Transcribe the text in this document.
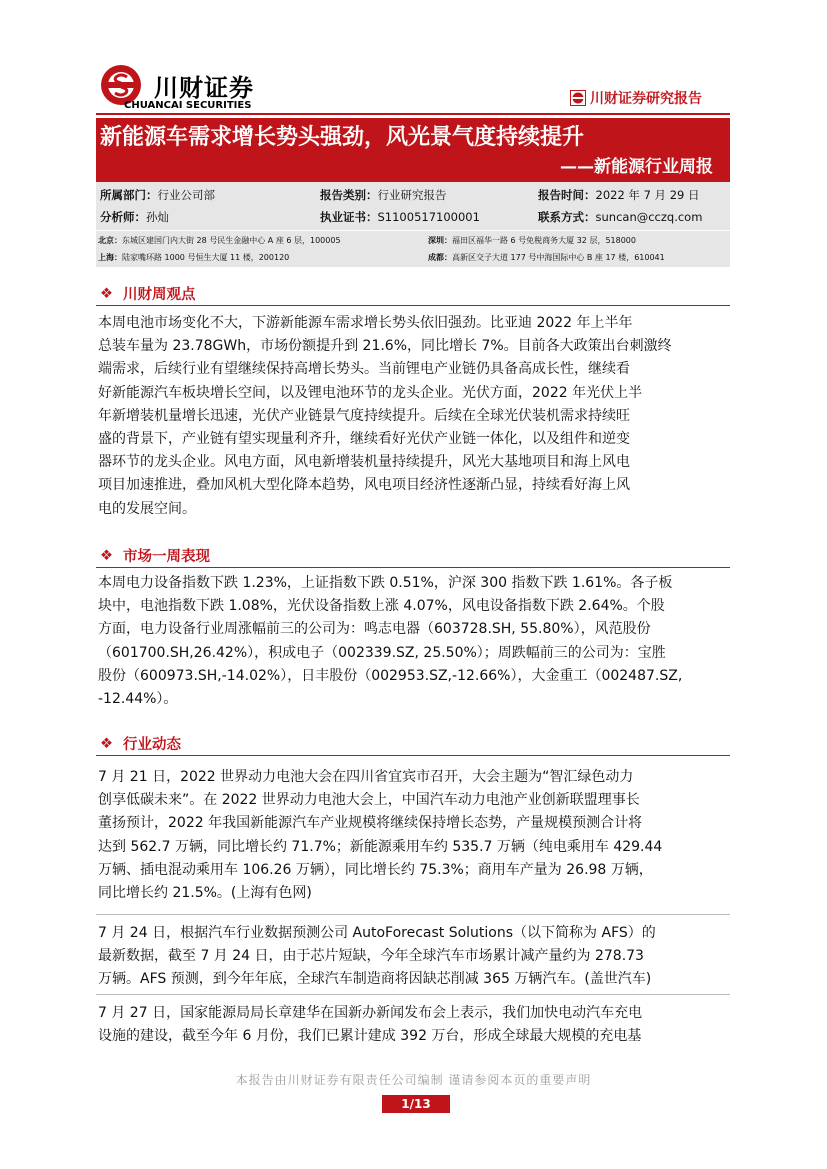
川财证券
CHUANCAI SECURITIES	川财证券研究报告
新能源车需求增长势头强劲，风光景气度持续提升
——新能源行业周报
所属部门：行业公司部	报告类别：行业研究报告	报告时间：2022 年 7 月 29 日
分析师：孙灿	执业证书：S1100517100001	联系方式：suncan@cczq.com
北京：东城区建国门内大街 28 号民生金融中心 A 座 6 层，100005	深圳：福田区福华一路 6 号免税商务大厦 32 层，518000
上海：陆家嘴环路 1000 号恒生大厦 11 楼，200120	成都：高新区交子大道 177 号中海国际中心 B 座 17 楼，610041
❖ 川财周观点
本周电池市场变化不大，下游新能源车需求增长势头依旧强劲。比亚迪 2022 年上半年
总装车量为 23.78GWh，市场份额提升到 21.6%，同比增长 7%。目前各大政策出台刺激终
端需求，后续行业有望继续保持高增长势头。当前锂电产业链仍具备高成长性，继续看
好新能源汽车板块增长空间，以及锂电池环节的龙头企业。光伏方面，2022 年光伏上半
年新增装机量增长迅速，光伏产业链景气度持续提升。后续在全球光伏装机需求持续旺
盛的背景下，产业链有望实现量利齐升，继续看好光伏产业链一体化，以及组件和逆变
器环节的龙头企业。风电方面，风电新增装机量持续提升，风光大基地项目和海上风电
项目加速推进，叠加风机大型化降本趋势，风电项目经济性逐渐凸显，持续看好海上风
电的发展空间。
❖ 市场一周表现
本周电力设备指数下跌 1.23%，上证指数下跌 0.51%，沪深 300 指数下跌 1.61%。各子板
块中，电池指数下跌 1.08%，光伏设备指数上涨 4.07%，风电设备指数下跌 2.64%。个股
方面，电力设备行业周涨幅前三的公司为：鸣志电器（603728.SH, 55.80%），风范股份
（601700.SH,26.42%），积成电子（002339.SZ, 25.50%）；周跌幅前三的公司为：宝胜
股份（600973.SH,-14.02%），日丰股份（002953.SZ,-12.66%），大金重工（002487.SZ,
-12.44%）。
❖ 行业动态
7 月 21 日，2022 世界动力电池大会在四川省宜宾市召开，大会主题为“智汇绿色动力
创享低碳未来”。在 2022 世界动力电池大会上，中国汽车动力电池产业创新联盟理事长
董扬预计，2022 年我国新能源汽车产业规模将继续保持增长态势，产量规模预测合计将
达到 562.7 万辆，同比增长约 71.7%；新能源乘用车约 535.7 万辆（纯电乘用车 429.44
万辆、插电混动乘用车 106.26 万辆），同比增长约 75.3%；商用车产量为 26.98 万辆，
同比增长约 21.5%。(上海有色网)
7 月 24 日，根据汽车行业数据预测公司 AutoForecast Solutions（以下简称为 AFS）的
最新数据，截至 7 月 24 日，由于芯片短缺，今年全球汽车市场累计减产量约为 278.73
万辆。AFS 预测，到今年年底，全球汽车制造商将因缺芯削减 365 万辆汽车。(盖世汽车)
7 月 27 日，国家能源局局长章建华在国新办新闻发布会上表示，我们加快电动汽车充电
设施的建设，截至今年 6 月份，我们已累计建成 392 万台，形成全球最大规模的充电基
本报告由川财证券有限责任公司编制 谨请参阅本页的重要声明
1/13
